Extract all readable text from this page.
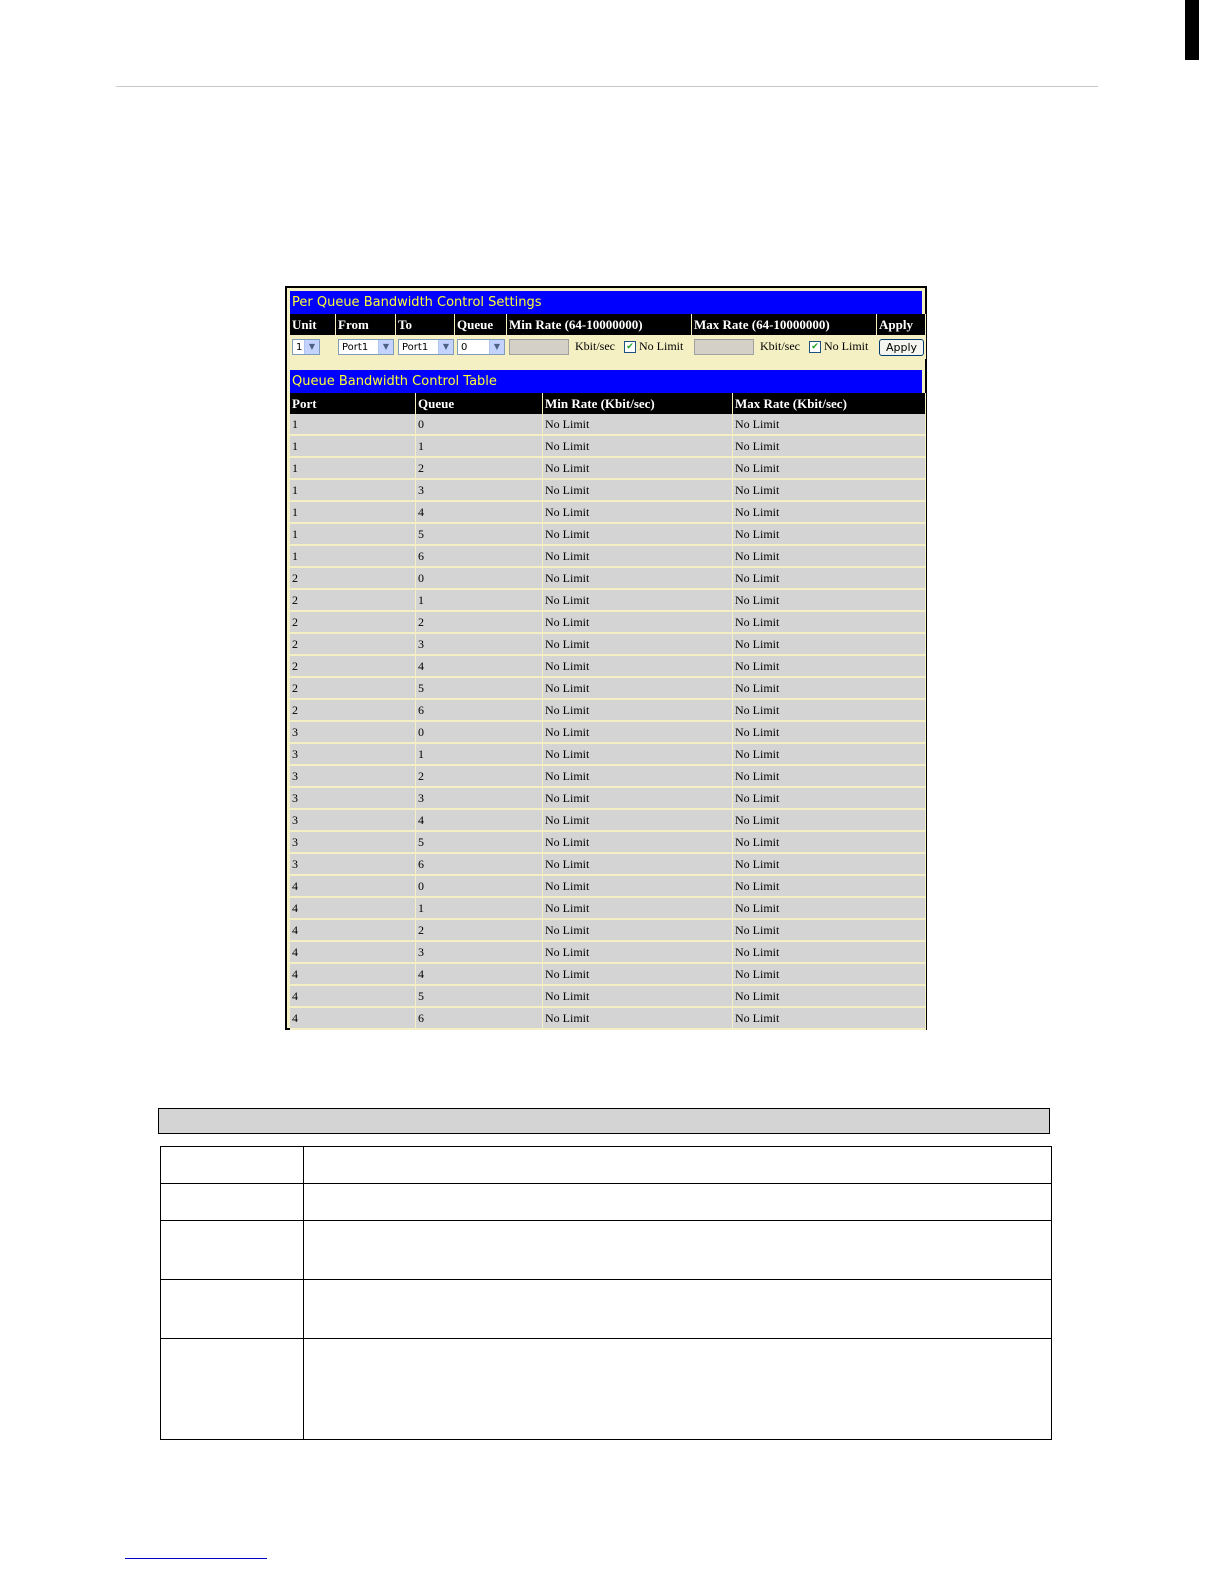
Per Queue Bandwidth Control Settings
Unit	From	To	Queue	Min Rate (64-10000000)	Max Rate (64-10000000)	Apply
1 ▼	Port1 ▼	Port1 ▼	0 ▼	Kbit/sec ✔ No Limit	Kbit/sec ✔ No Limit	Apply
Queue Bandwidth Control Table
Port	Queue	Min Rate (Kbit/sec)	Max Rate (Kbit/sec)
1	0	No Limit	No Limit
1	1	No Limit	No Limit
1	2	No Limit	No Limit
1	3	No Limit	No Limit
1	4	No Limit	No Limit
1	5	No Limit	No Limit
1	6	No Limit	No Limit
2	0	No Limit	No Limit
2	1	No Limit	No Limit
2	2	No Limit	No Limit
2	3	No Limit	No Limit
2	4	No Limit	No Limit
2	5	No Limit	No Limit
2	6	No Limit	No Limit
3	0	No Limit	No Limit
3	1	No Limit	No Limit
3	2	No Limit	No Limit
3	3	No Limit	No Limit
3	4	No Limit	No Limit
3	5	No Limit	No Limit
3	6	No Limit	No Limit
4	0	No Limit	No Limit
4	1	No Limit	No Limit
4	2	No Limit	No Limit
4	3	No Limit	No Limit
4	4	No Limit	No Limit
4	5	No Limit	No Limit
4	6	No Limit	No Limit
